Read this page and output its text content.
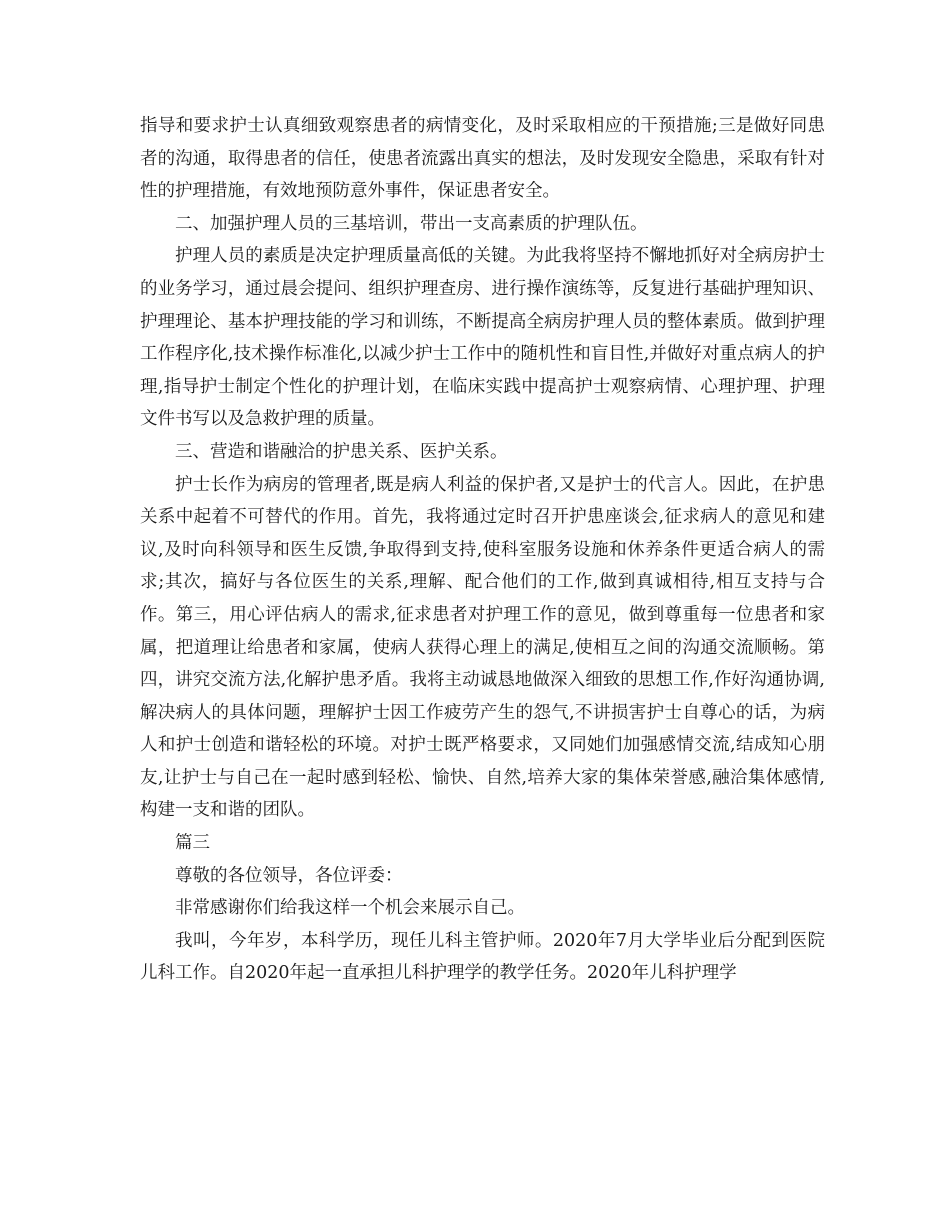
指导和要求护士认真细致观察患者的病情变化，及时采取相应的干预措施;三是做好同患者的沟通，取得患者的信任，使患者流露出真实的想法，及时发现安全隐患，采取有针对性的护理措施，有效地预防意外事件，保证患者安全。

二、加强护理人员的三基培训，带出一支高素质的护理队伍。

护理人员的素质是决定护理质量高低的关键。为此我将坚持不懈地抓好对全病房护士的业务学习，通过晨会提问、组织护理查房、进行操作演练等，反复进行基础护理知识、护理理论、基本护理技能的学习和训练，不断提高全病房护理人员的整体素质。做到护理工作程序化,技术操作标准化,以减少护士工作中的随机性和盲目性,并做好对重点病人的护理,指导护士制定个性化的护理计划，在临床实践中提高护士观察病情、心理护理、护理文件书写以及急救护理的质量。

三、营造和谐融洽的护患关系、医护关系。

护士长作为病房的管理者,既是病人利益的保护者,又是护士的代言人。因此，在护患关系中起着不可替代的作用。首先，我将通过定时召开护患座谈会,征求病人的意见和建议,及时向科领导和医生反馈,争取得到支持,使科室服务设施和休养条件更适合病人的需求;其次，搞好与各位医生的关系,理解、配合他们的工作,做到真诚相待,相互支持与合作。第三，用心评估病人的需求,征求患者对护理工作的意见，做到尊重每一位患者和家属，把道理让给患者和家属，使病人获得心理上的满足,使相互之间的沟通交流顺畅。第四，讲究交流方法,化解护患矛盾。我将主动诚恳地做深入细致的思想工作,作好沟通协调,解决病人的具体问题，理解护士因工作疲劳产生的怨气,不讲损害护士自尊心的话，为病人和护士创造和谐轻松的环境。对护士既严格要求，又同她们加强感情交流,结成知心朋友,让护士与自己在一起时感到轻松、愉快、自然,培养大家的集体荣誉感,融洽集体感情,构建一支和谐的团队。

篇三

尊敬的各位领导，各位评委：

非常感谢你们给我这样一个机会来展示自己。

我叫，今年岁，本科学历，现任儿科主管护师。2020年7月大学毕业后分配到医院儿科工作。自2020年起一直承担儿科护理学的教学任务。2020年儿科护理学
